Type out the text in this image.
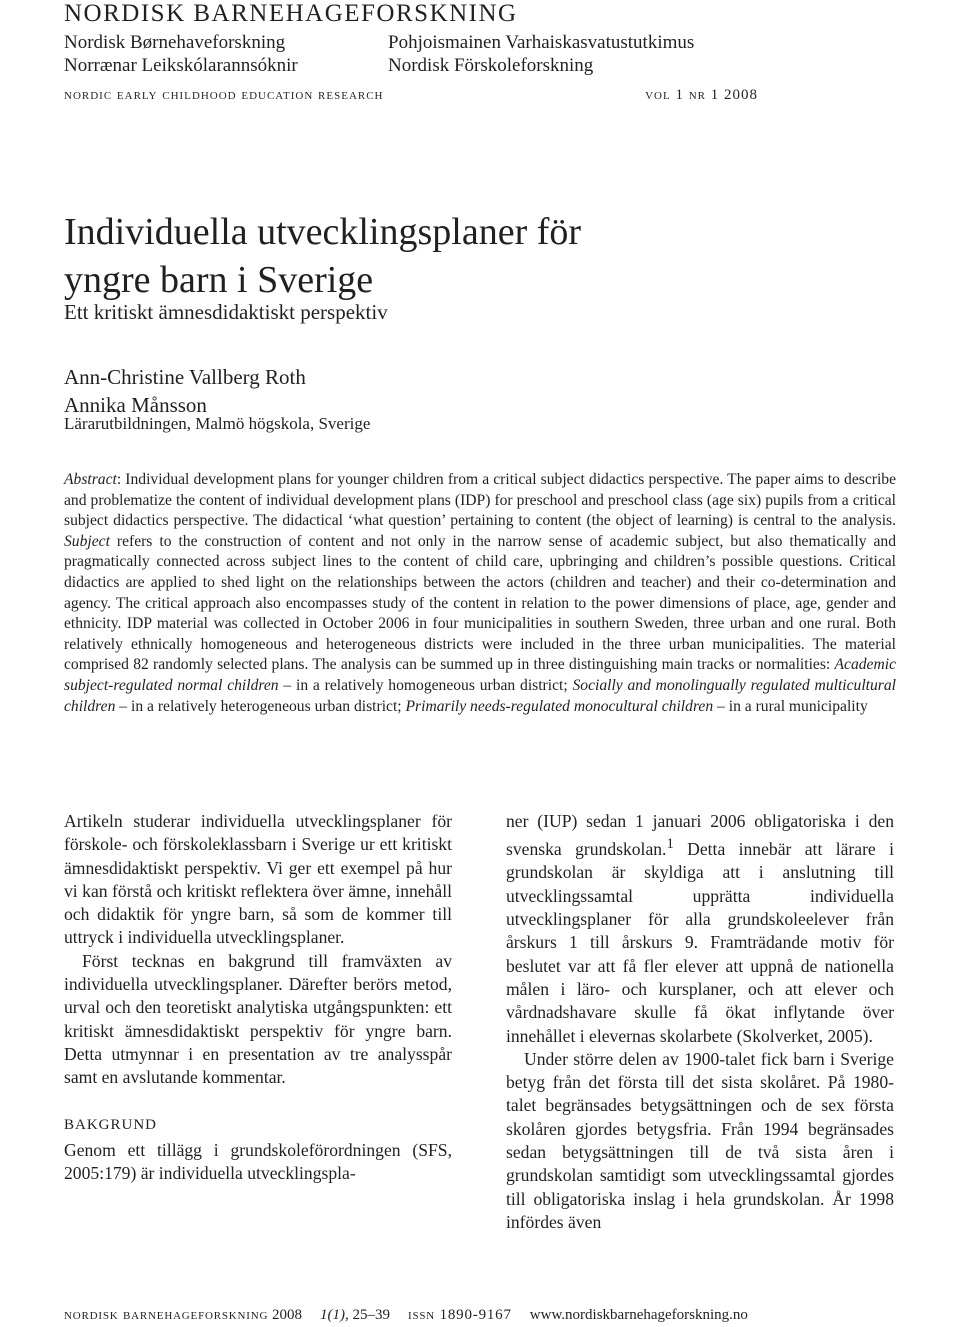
NORDISK BARNEHAGEFORSKNING
Nordisk Børnehaveforskning
Norrænar Leikskólarannsóknir
Pohjoismainen Varhaiskasvatustutkimus
Nordisk Förskoleforskning
nordic early childhood education research	vol 1 nr 1 2008
Individuella utvecklingsplaner för
yngre barn i Sverige
Ett kritiskt ämnesdidaktiskt perspektiv
Ann-Christine Vallberg Roth
Annika Månsson
Lärarutbildningen, Malmö högskola, Sverige

Abstract: Individual development plans for younger children from a critical subject didactics perspective. The paper aims to describe and problematize the content of individual development plans (IDP) for preschool and preschool class (age six) pupils from a critical subject didactics perspective. The didactical ‘what question’ pertaining to content (the object of learning) is central to the analysis. Subject refers to the construction of content and not only in the narrow sense of academic subject, but also thematically and pragmatically connected across subject lines to the content of child care, upbringing and children’s possible questions. Critical didactics are applied to shed light on the relationships between the actors (children and teacher) and their co-determination and agency. The critical approach also encompasses study of the content in relation to the power dimensions of place, age, gender and ethnicity. IDP material was collected in October 2006 in four municipalities in southern Sweden, three urban and one rural. Both relatively ethnically homogeneous and heterogeneous districts were included in the three urban municipalities. The material comprised 82 randomly selected plans. The analysis can be summed up in three distinguishing main tracks or normalities: Academic subject-regulated normal children – in a relatively homogeneous urban district; Socially and monolingually regulated multicultural children – in a relatively heterogeneous urban district; Primarily needs-regulated monocultural children – in a rural municipality

Artikeln studerar individuella utvecklingsplaner för förskole- och förskoleklassbarn i Sverige ur ett kritiskt ämnesdidaktiskt perspektiv. Vi ger ett exempel på hur vi kan förstå och kritiskt reflektera över ämne, innehåll och didaktik för yngre barn, så som de kommer till uttryck i individuella utvecklingsplaner.

Först tecknas en bakgrund till framväxten av individuella utvecklingsplaner. Därefter berörs metod, urval och den teoretiskt analytiska utgångspunkten: ett kritiskt ämnesdidaktiskt perspektiv för yngre barn. Detta utmynnar i en presentation av tre analysspår samt en avslutande kommentar.

BAKGRUND

Genom ett tillägg i grundskoleförordningen (SFS, 2005:179) är individuella utvecklingspla-

ner (IUP) sedan 1 januari 2006 obligatoriska i den svenska grundskolan.$^1$ Detta innebär att lärare i grundskolan är skyldiga att i anslutning till utvecklingssamtal upprätta individuella utvecklingsplaner för alla grundskoleelever från årskurs 1 till årskurs 9. Framträdande motiv för beslutet var att få fler elever att uppnå de nationella målen i läro- och kursplaner, och att elever och vårdnadshavare skulle få ökat inflytande över innehållet i elevernas skolarbete (Skolverket, 2005).

Under större delen av 1900-talet fick barn i Sverige betyg från det första till det sista skolåret. På 1980-talet begränsades betygsättningen och de sex första skolåren gjordes betygsfria. Från 1994 begränsades sedan betygsättningen till de två sista åren i grundskolan samtidigt som utvecklingssamtal gjordes till obligatoriska inslag i hela grundskolan. År 1998 infördes även

nordisk barnehageforskning 2008 1(1), 25–39 issn 1890-9167 www.nordiskbarnehageforskning.no
